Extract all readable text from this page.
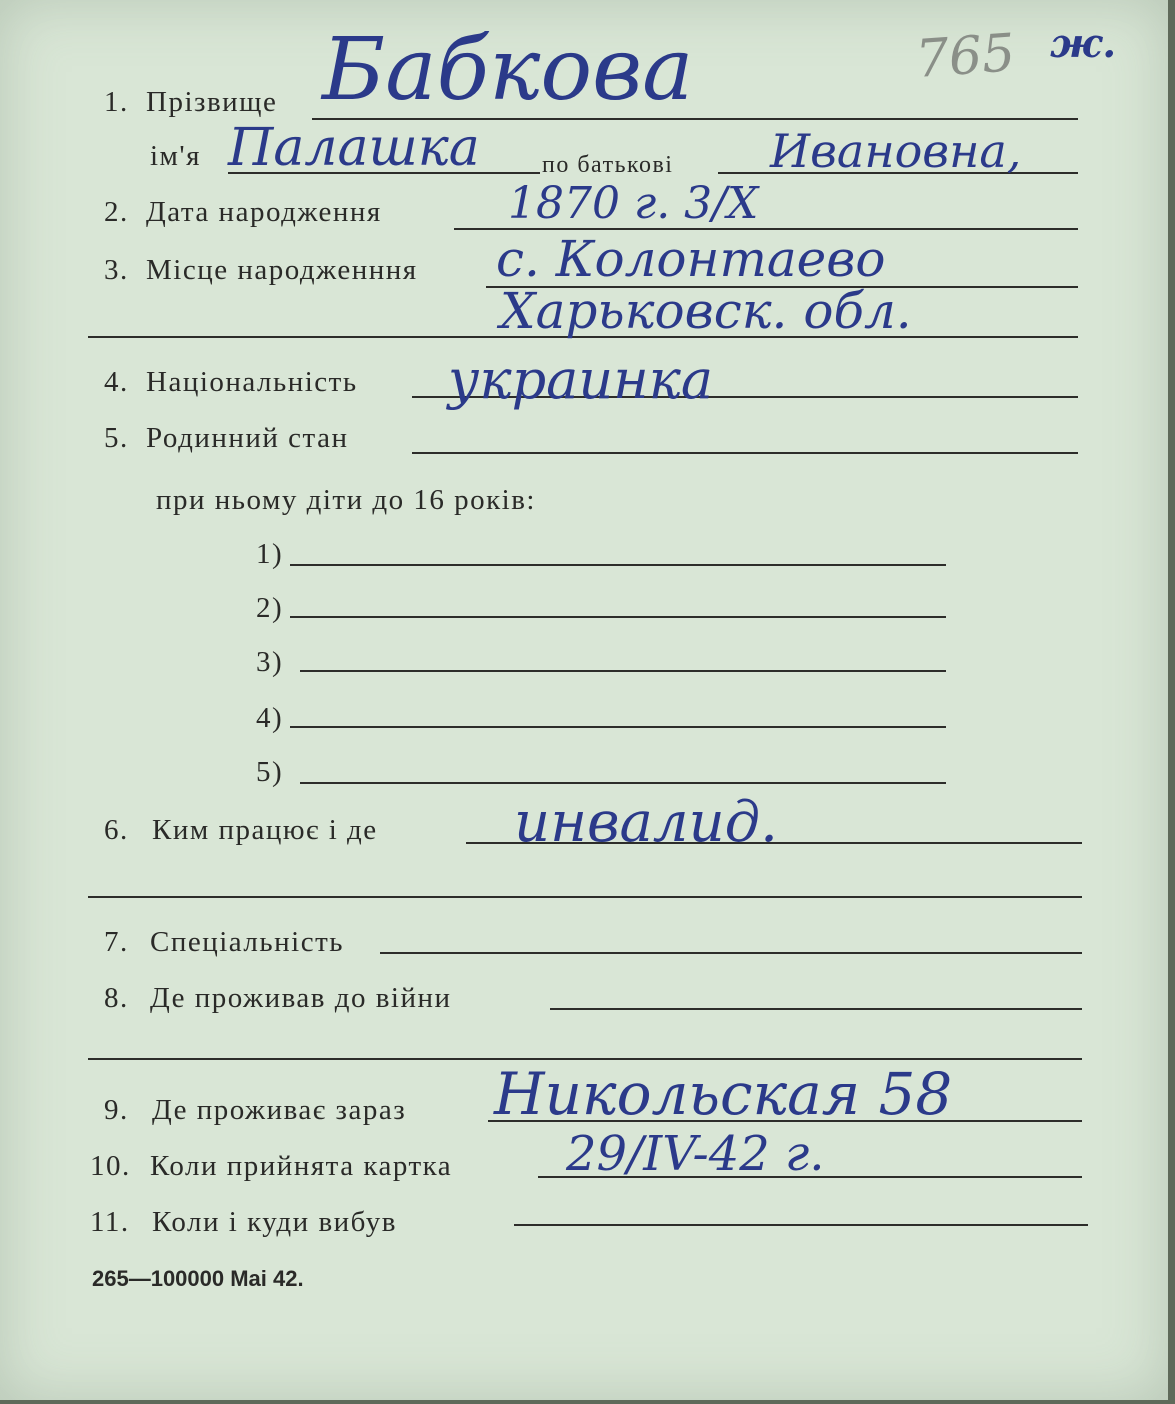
765 ж.
1. Прізвище Бабкова
ім'я Палашка	по батькові Ивановна,
2. Дата народження	1870 г. 3/X
3. Місце народженння с. Колонтаево
Харьковск. обл.
4. Національність украинка
5. Родинний стан
при ньому діти до 16 років:
1)
2)
3)
4)
5)
6. Ким працює і де инвалид.
7. Спеціальність
8. Де проживав до війни
9. Де проживає зараз Никольская 58
10. Коли прийнята картка 29/IV-42 г.
11. Коли і куди вибув
265—100000 Mai 42.
